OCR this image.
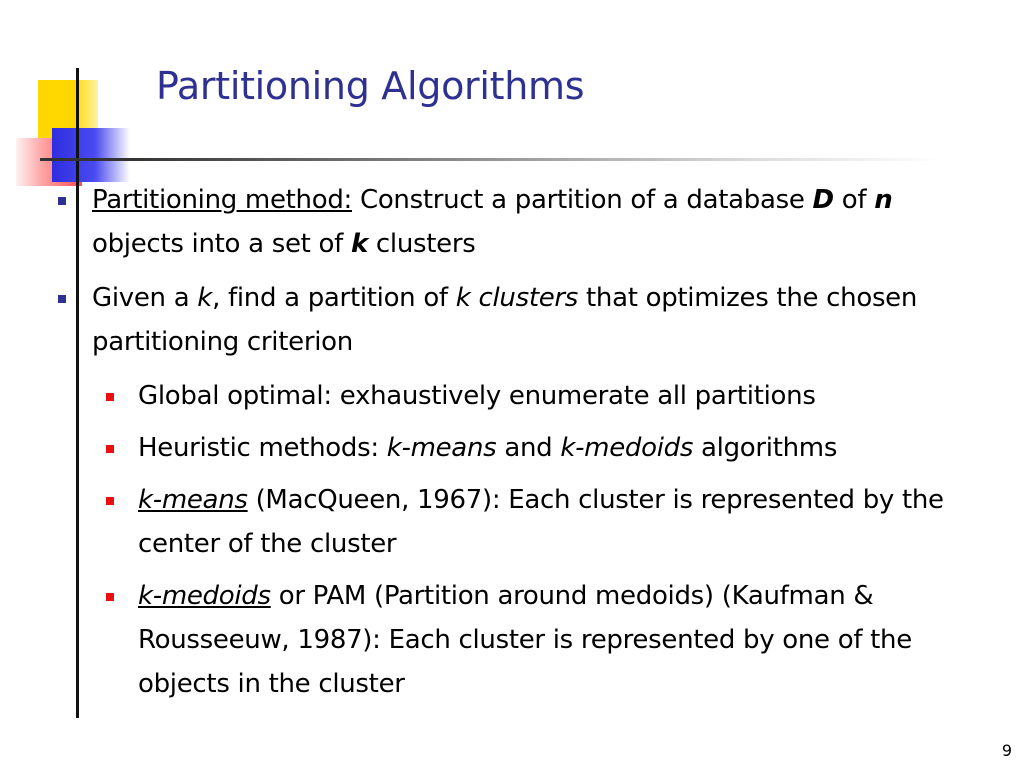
Partitioning Algorithms
Partitioning method: Construct a partition of a database D of n objects into a set of k clusters
Given a k, find a partition of k clusters that optimizes the chosen partitioning criterion
Global optimal: exhaustively enumerate all partitions
Heuristic methods: k-means and k-medoids algorithms
k-means (MacQueen, 1967): Each cluster is represented by the center of the cluster
k-medoids or PAM (Partition around medoids) (Kaufman & Rousseeuw, 1987): Each cluster is represented by one of the objects in the cluster
9
